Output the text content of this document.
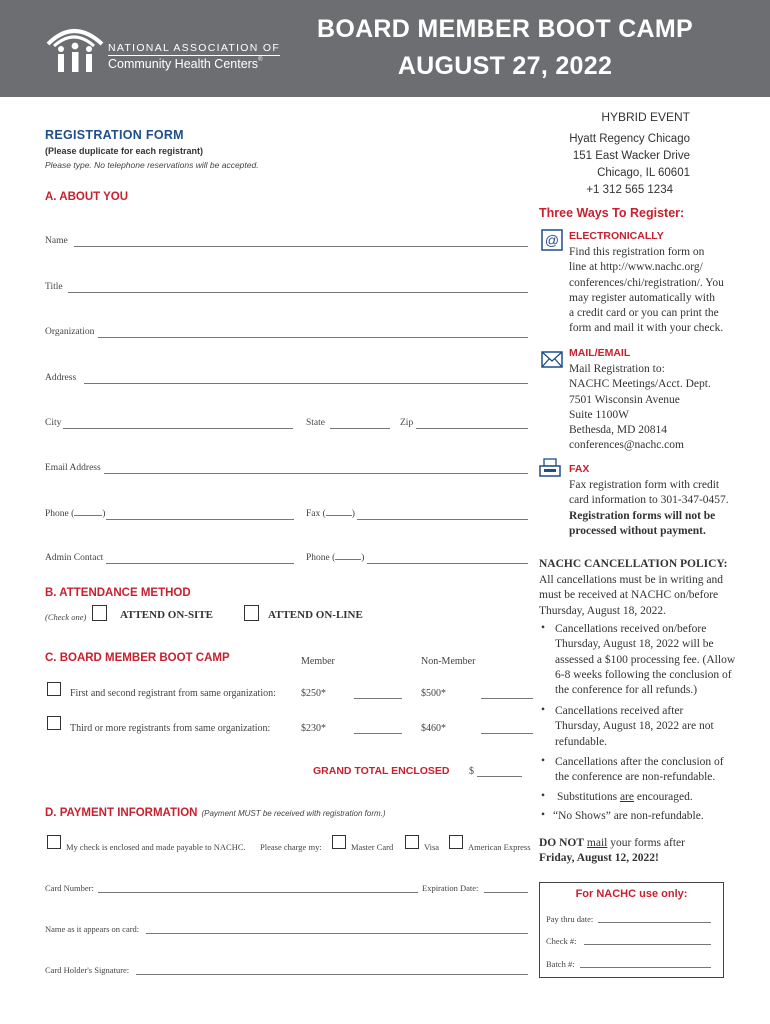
NATIONAL ASSOCIATION OF
Community Health Centers®
BOARD MEMBER BOOT CAMP
AUGUST 27, 2022
REGISTRATION FORM
(Please duplicate for each registrant)
Please type. No telephone reservations will be accepted.
A. ABOUT YOU
Name
Title
Organization
Address
City	State	Zip
Email Address
Phone (	)	Fax (	)
Admin Contact	Phone (	)
B. ATTENDANCE METHOD
(Check one)	ATTEND ON-SITE	ATTEND ON-LINE
C. BOARD MEMBER BOOT CAMP	Member	Non-Member
First and second registrant from same organization:	$250*	$500*
Third or more registrants from same organization:	$230*	$460*
GRAND TOTAL ENCLOSED $
D. PAYMENT INFORMATION (Payment MUST be received with registration form.)
My check is enclosed and made payable to NACHC. Please charge my:	Master Card	Visa	American Express
Card Number:	Expiration Date:
Name as it appears on card:
Card Holder's Signature:
HYBRID EVENT
Hyatt Regency Chicago
151 East Wacker Drive
Chicago, IL 60601
+1 312 565 1234
Three Ways To Register:
@ ELECTRONICALLY
Find this registration form on
line at http://www.nachc.org/
conferences/chi/registration/. You
may register automatically with
a credit card or you can print the
form and mail it with your check.
MAIL/EMAIL
Mail Registration to:
NACHC Meetings/Acct. Dept.
7501 Wisconsin Avenue
Suite 1100W
Bethesda, MD 20814
conferences@nachc.com
FAX
Fax registration form with credit
card information to 301-347-0457.
Registration forms will not be
processed without payment.
NACHC CANCELLATION POLICY:
All cancellations must be in writing and
must be received at NACHC on/before
Thursday, August 18, 2022.
• Cancellations received on/before
Thursday, August 18, 2022 will be
assessed a $100 processing fee. (Allow
6-8 weeks following the conclusion of
the conference for all refunds.)
• Cancellations received after
Thursday, August 18, 2022 are not
refundable.
• Cancellations after the conclusion of
the conference are non-refundable.
• Substitutions are encouraged.
• “No Shows” are non-refundable.
DO NOT mail your forms after
Friday, August 12, 2022!
For NACHC use only:
Pay thru date:
Check #:
Batch #:
